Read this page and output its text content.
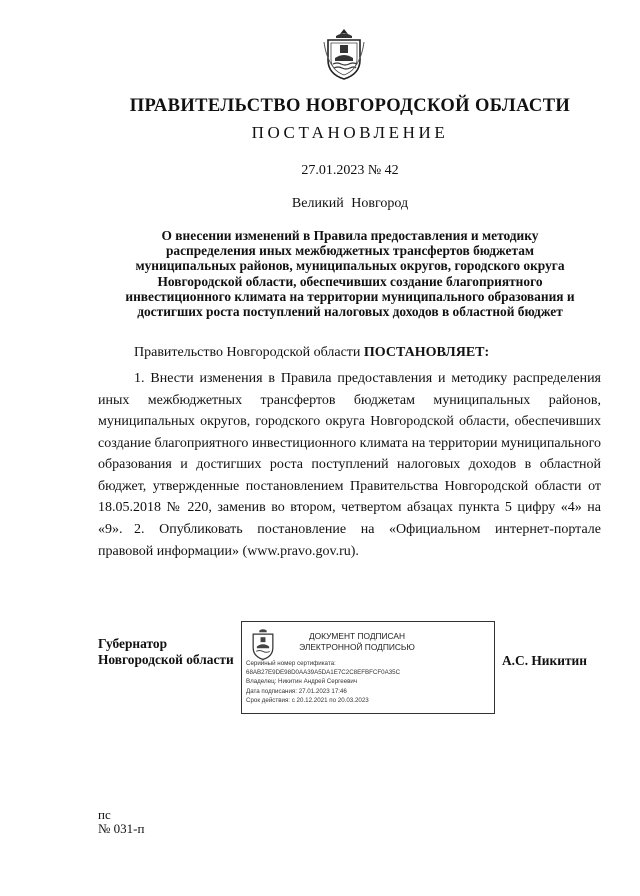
ПРАВИТЕЛЬСТВО НОВГОРОДСКОЙ ОБЛАСТИ
ПОСТАНОВЛЕНИЕ
27.01.2023 № 42
Великий Новгород
О внесении изменений в Правила предоставления и методику
распределения иных межбюджетных трансфертов бюджетам
муниципальных районов, муниципальных округов, городского округа
Новгородской области, обеспечивших создание благоприятного
инвестиционного климата на территории муниципального образования и
достигших роста поступлений налоговых доходов в областной бюджет

Правительство Новгородской области ПОСТАНОВЛЯЕТ:

1. Внести изменения в Правила предоставления и методику распределения иных межбюджетных трансфертов бюджетам муниципальных районов, муниципальных округов, городского округа Новгородской области, обеспечивших создание благоприятного инвестиционного климата на территории муниципального образования и достигших роста поступлений налоговых доходов в областной бюджет, утвержденные постановлением Правительства Новгородской области от 18.05.2018 № 220, заменив во втором, четвертом абзацах пункта 5 цифру «4» на «9». 2. Опубликовать постановление на «Официальном интернет-портале правовой информации» (www.pravo.gov.ru).

Губернатор
Новгородской области
ДОКУМЕНТ ПОДПИСАН
ЭЛЕКТРОННОЙ ПОДПИСЬЮ
Серийный номер сертификата:
68AB27E9DE98D0AA39A5DA1E7C2C8EFBFCF0A35C
Владелец: Никитин Андрей Сергеевич
Дата подписания: 27.01.2023 17:46
Срок действия: с 20.12.2021 по 20.03.2023
А.С. Никитин
пс
№ 031-п
